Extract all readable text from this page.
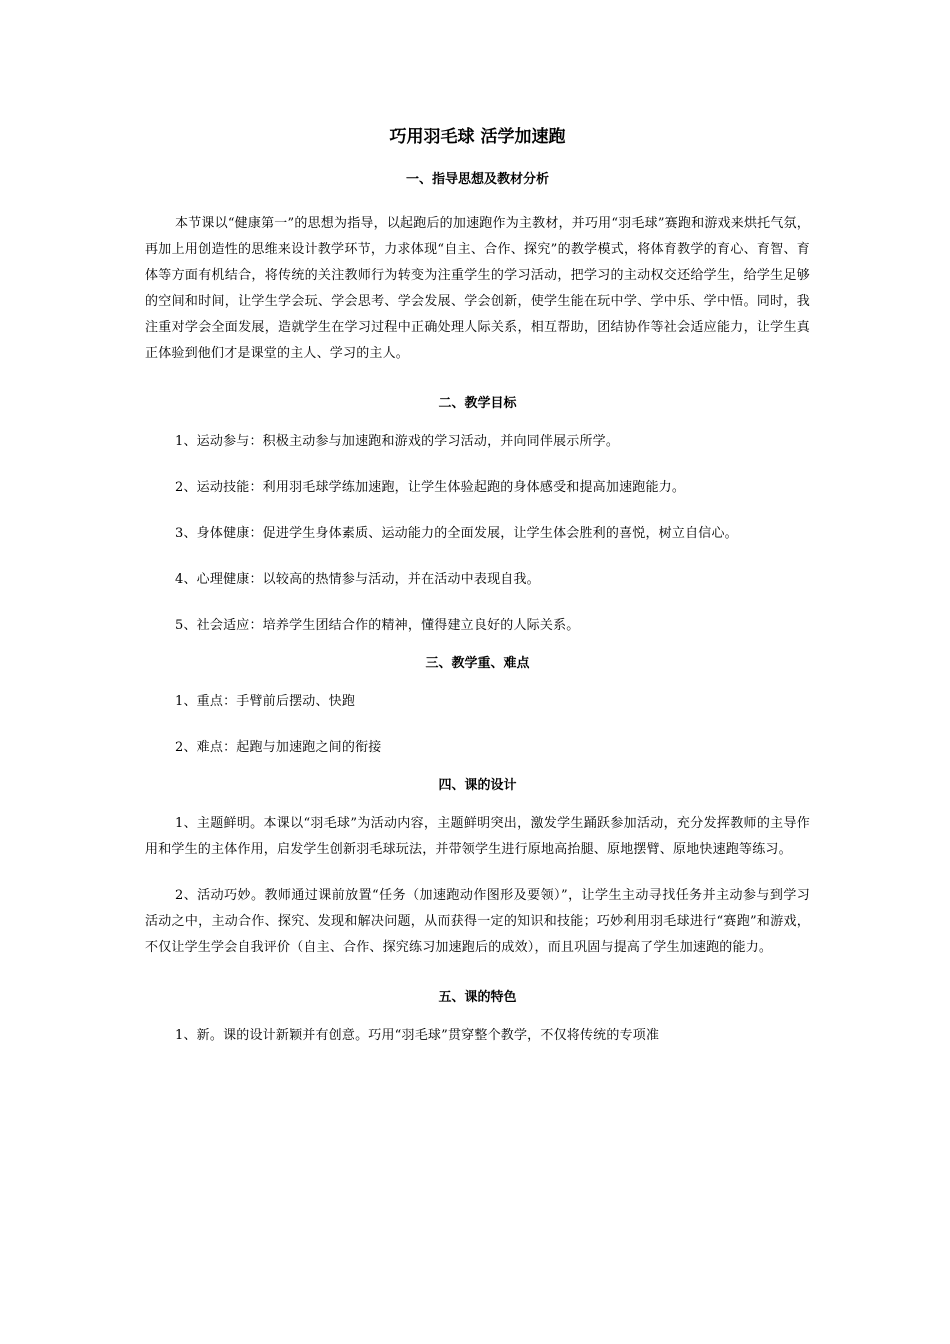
巧用羽毛球 活学加速跑
一、指导思想及教材分析

本节课以“健康第一”的思想为指导，以起跑后的加速跑作为主教材，并巧用“羽毛球”赛跑和游戏来烘托气氛，再加上用创造性的思维来设计教学环节，力求体现“自主、合作、探究”的教学模式，将体育教学的育心、育智、育体等方面有机结合，将传统的关注教师行为转变为注重学生的学习活动，把学习的主动权交还给学生，给学生足够的空间和时间，让学生学会玩、学会思考、学会发展、学会创新，使学生能在玩中学、学中乐、学中悟。同时，我注重对学会全面发展，造就学生在学习过程中正确处理人际关系，相互帮助，团结协作等社会适应能力，让学生真正体验到他们才是课堂的主人、学习的主人。

二、教学目标

1、运动参与：积极主动参与加速跑和游戏的学习活动，并向同伴展示所学。

2、运动技能：利用羽毛球学练加速跑，让学生体验起跑的身体感受和提高加速跑能力。

3、身体健康：促进学生身体素质、运动能力的全面发展，让学生体会胜利的喜悦，树立自信心。

4、心理健康：以较高的热情参与活动，并在活动中表现自我。

5、社会适应：培养学生团结合作的精神，懂得建立良好的人际关系。

三、教学重、难点

1、重点：手臂前后摆动、快跑

2、难点：起跑与加速跑之间的衔接

四、课的设计

1、主题鲜明。本课以“羽毛球”为活动内容，主题鲜明突出，激发学生踊跃参加活动，充分发挥教师的主导作用和学生的主体作用，启发学生创新羽毛球玩法，并带领学生进行原地高抬腿、原地摆臂、原地快速跑等练习。

2、活动巧妙。教师通过课前放置“任务（加速跑动作图形及要领）”，让学生主动寻找任务并主动参与到学习活动之中，主动合作、探究、发现和解决问题，从而获得一定的知识和技能；巧妙利用羽毛球进行“赛跑”和游戏，不仅让学生学会自我评价（自主、合作、探究练习加速跑后的成效），而且巩固与提高了学生加速跑的能力。

五、课的特色

1、新。课的设计新颖并有创意。巧用“羽毛球”贯穿整个教学，不仅将传统的专项准
